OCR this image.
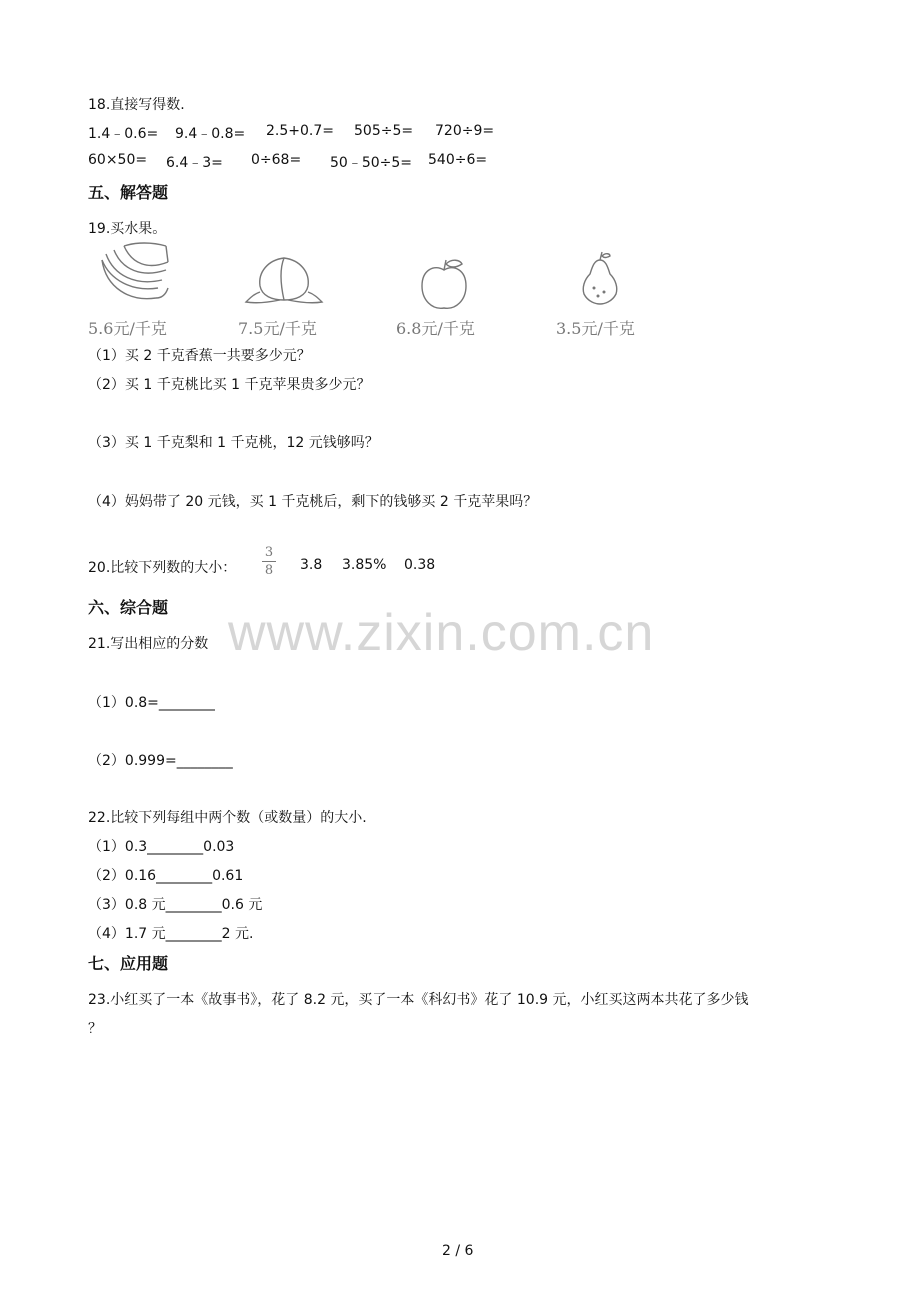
www.zixin.com.cn
18.直接写得数.
1.4﹣0.6= 9.4﹣0.8= 2.5+0.7= 505÷5= 720÷9=
60×50= 6.4﹣3= 0÷68= 50﹣50÷5= 540÷6=
五、解答题
19.买水果。
5.6元/千克	7.5元/千克	6.8元/千克	3.5元/千克
（1）买 2 千克香蕉一共要多少元？
（2）买 1 千克桃比买 1 千克苹果贵多少元？
（3）买 1 千克梨和 1 千克桃，12 元钱够吗？
（4）妈妈带了 20 元钱，买 1 千克桃后，剩下的钱够买 2 千克苹果吗？
20.比较下列数的大小：
3
8 3.8 3.85% 0.38
六、综合题
21.写出相应的分数
（1）0.8=________
（2）0.999=________
22.比较下列每组中两个数（或数量）的大小.
（1）0.3________0.03
（2）0.16________0.61
（3）0.8 元________0.6 元
（4）1.7 元________2 元.
七、应用题
23.小红买了一本《故事书》，花了 8.2 元，买了一本《科幻书》花了 10.9 元，小红买这两本共花了多少钱
？
2 / 6
